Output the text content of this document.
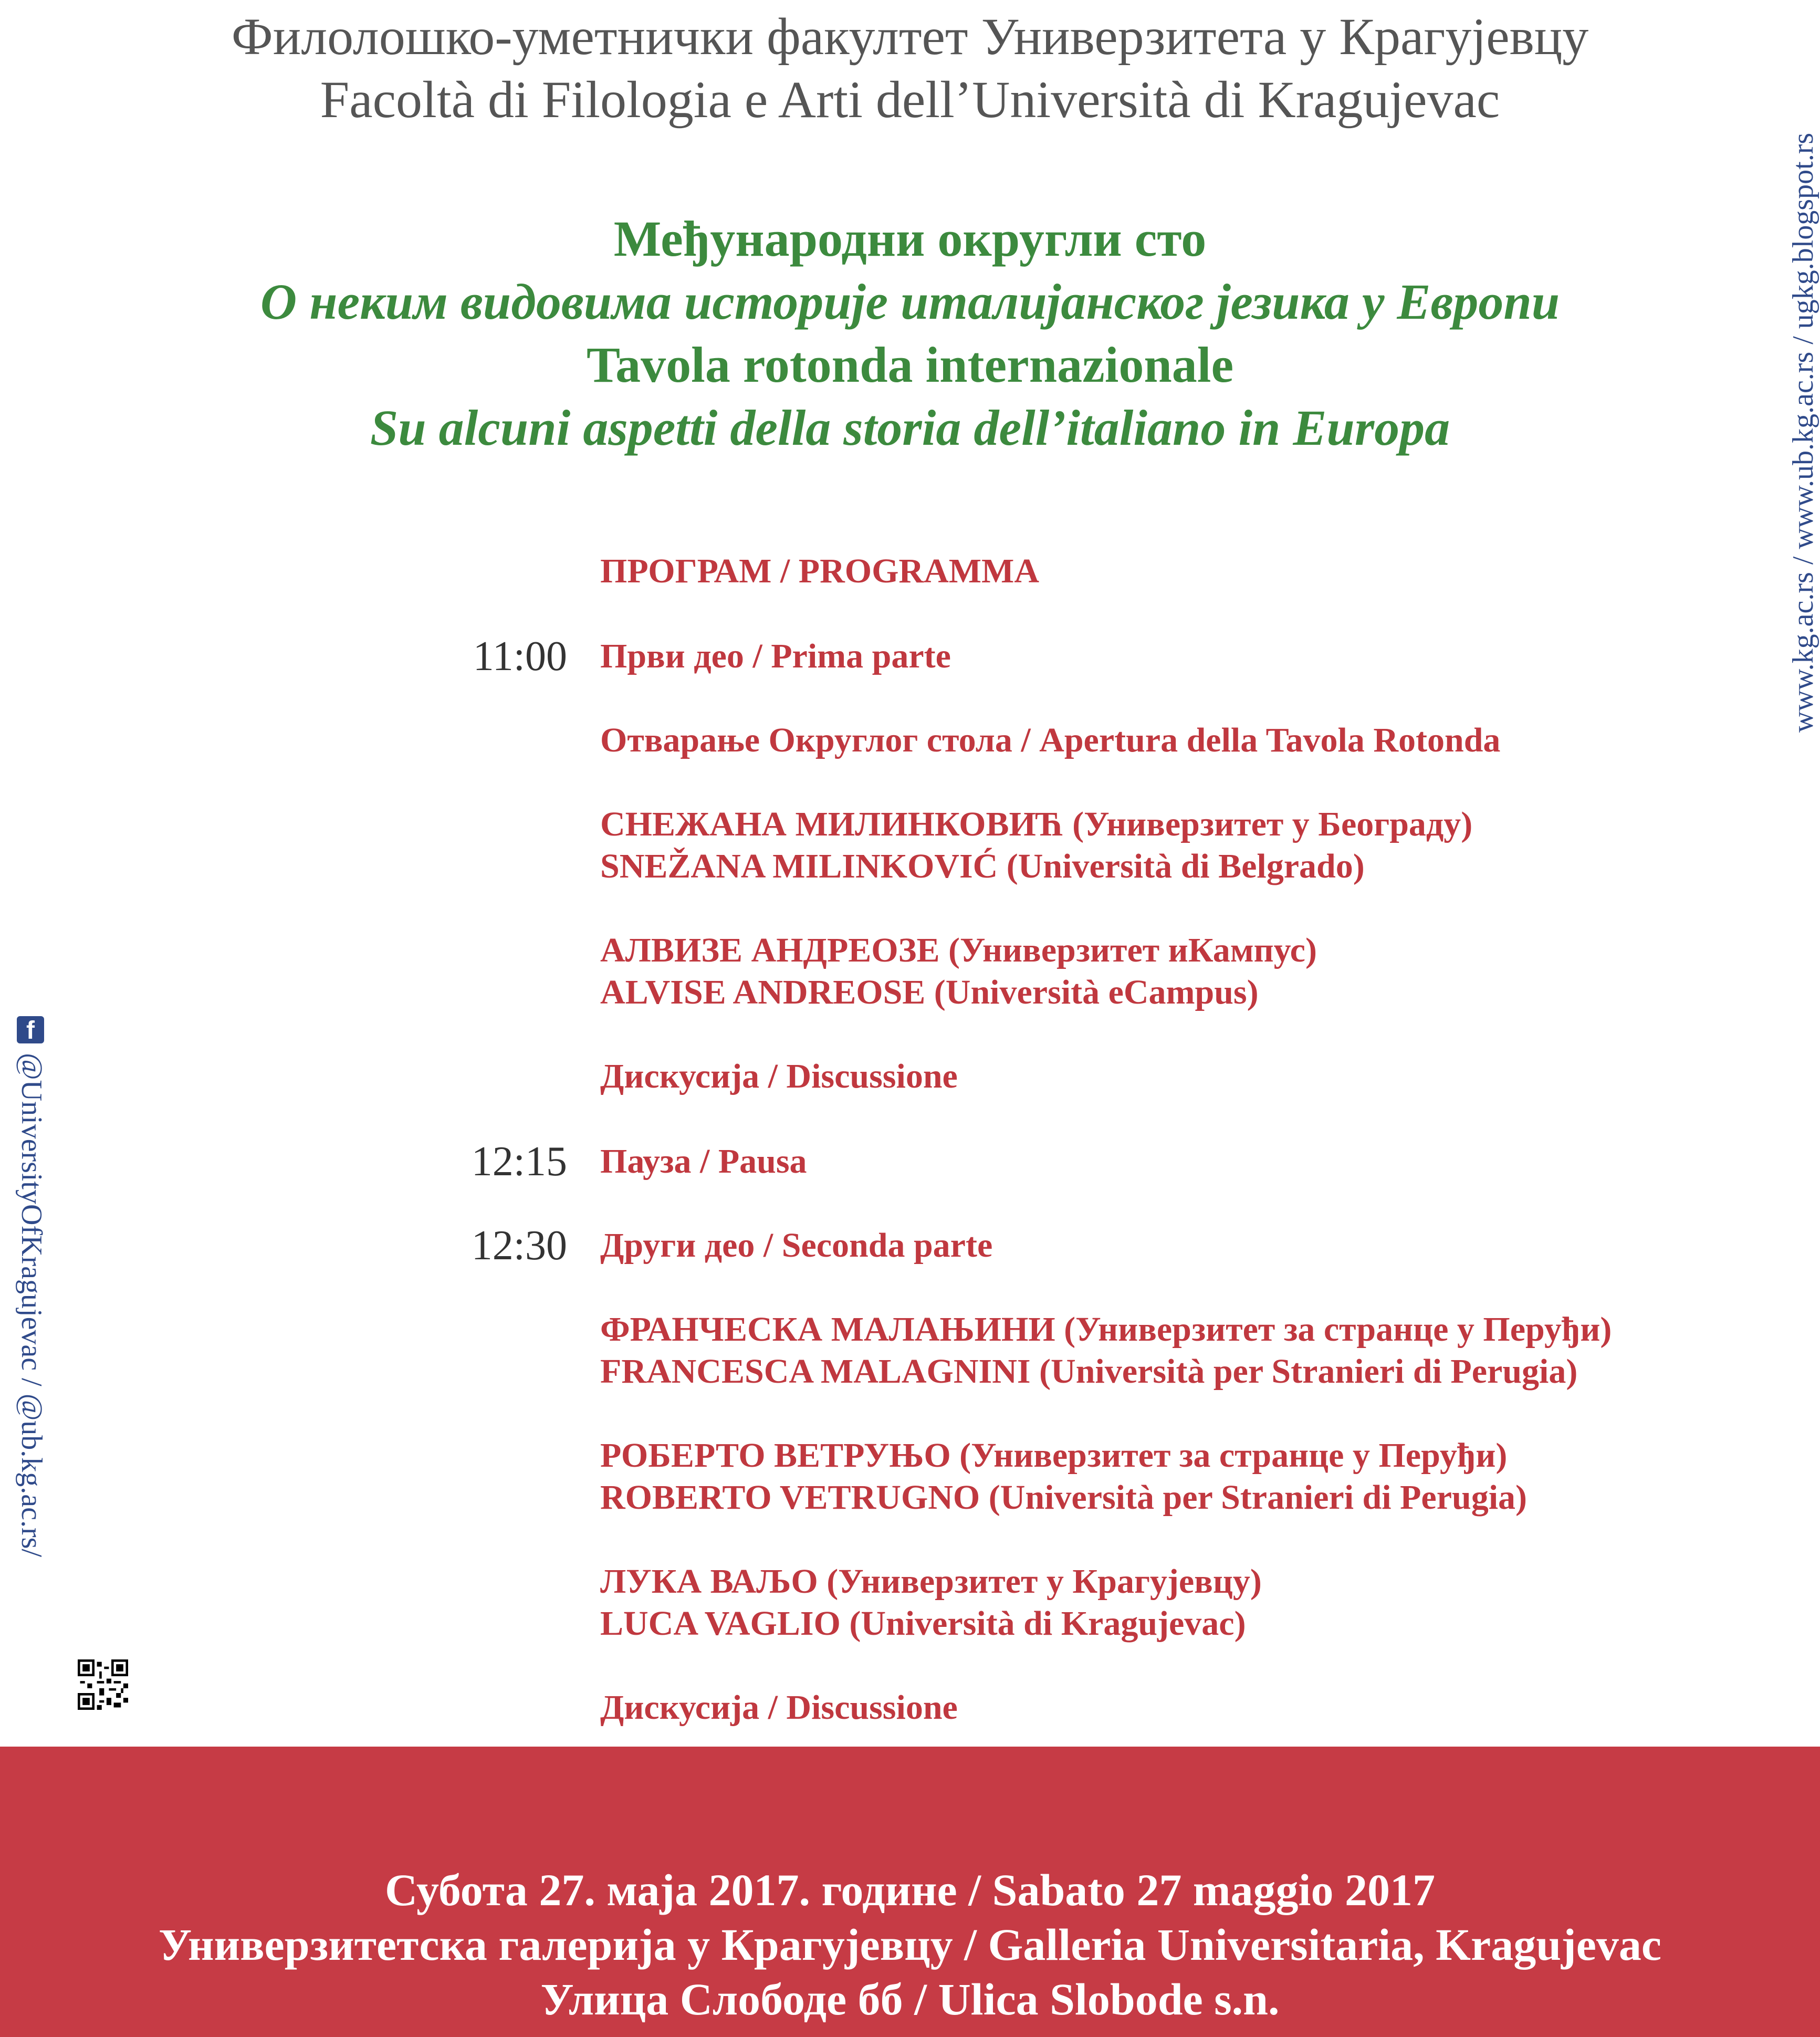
Филолошко-уметнички факултет Универзитета у Крагујевцу
Facoltà di Filologia e Arti dell’Università di Kragujevac
Међународни округли сто
О неким видовима историје италијанског језика у Европи
Tavola rotonda internazionale
Su alcuni aspetti della storia dell’italiano in Europa
ПРОГРАМ / PROGRAMMA
11:00 Први део / Prima parte
Отварање Округлог стола / Apertura della Tavola Rotonda
СНЕЖАНА МИЛИНКОВИЋ (Универзитет у Београду)
SNEŽANA MILINKOVIĆ (Università di Belgrado)
АЛВИЗЕ АНДРЕОЗЕ (Универзитет иКампус)
ALVISE ANDREOSE (Università eCampus)
Дискусија / Discussione
12:15 Пауза / Pausa
12:30 Други део / Seconda parte
ФРАНЧЕСКА МАЛАЊИНИ (Универзитет за странце у Перуђи)
FRANCESCA MALAGNINI (Università per Stranieri di Perugia)
РОБЕРТО ВЕТРУЊО (Универзитет за странце у Перуђи)
ROBERTO VETRUGNO (Università per Stranieri di Perugia)
ЛУКА ВАЉО (Универзитет у Крагујевцу)
LUCA VAGLIO (Università di Kragujevac)
Дискусија / Discussione
www.kg.ac.rs / www.ub.kg.ac.rs / ugkg.blogspot.rs
f
@UniversityOfKragujevac / @ub.kg.ac.rs/
Субота 27. маја 2017. године / Sabato 27 maggio 2017
Универзитетска галерија у Крагујевцу / Galleria Universitaria, Kragujevac
Улица Слободе бб / Ulica Slobode s.n.
